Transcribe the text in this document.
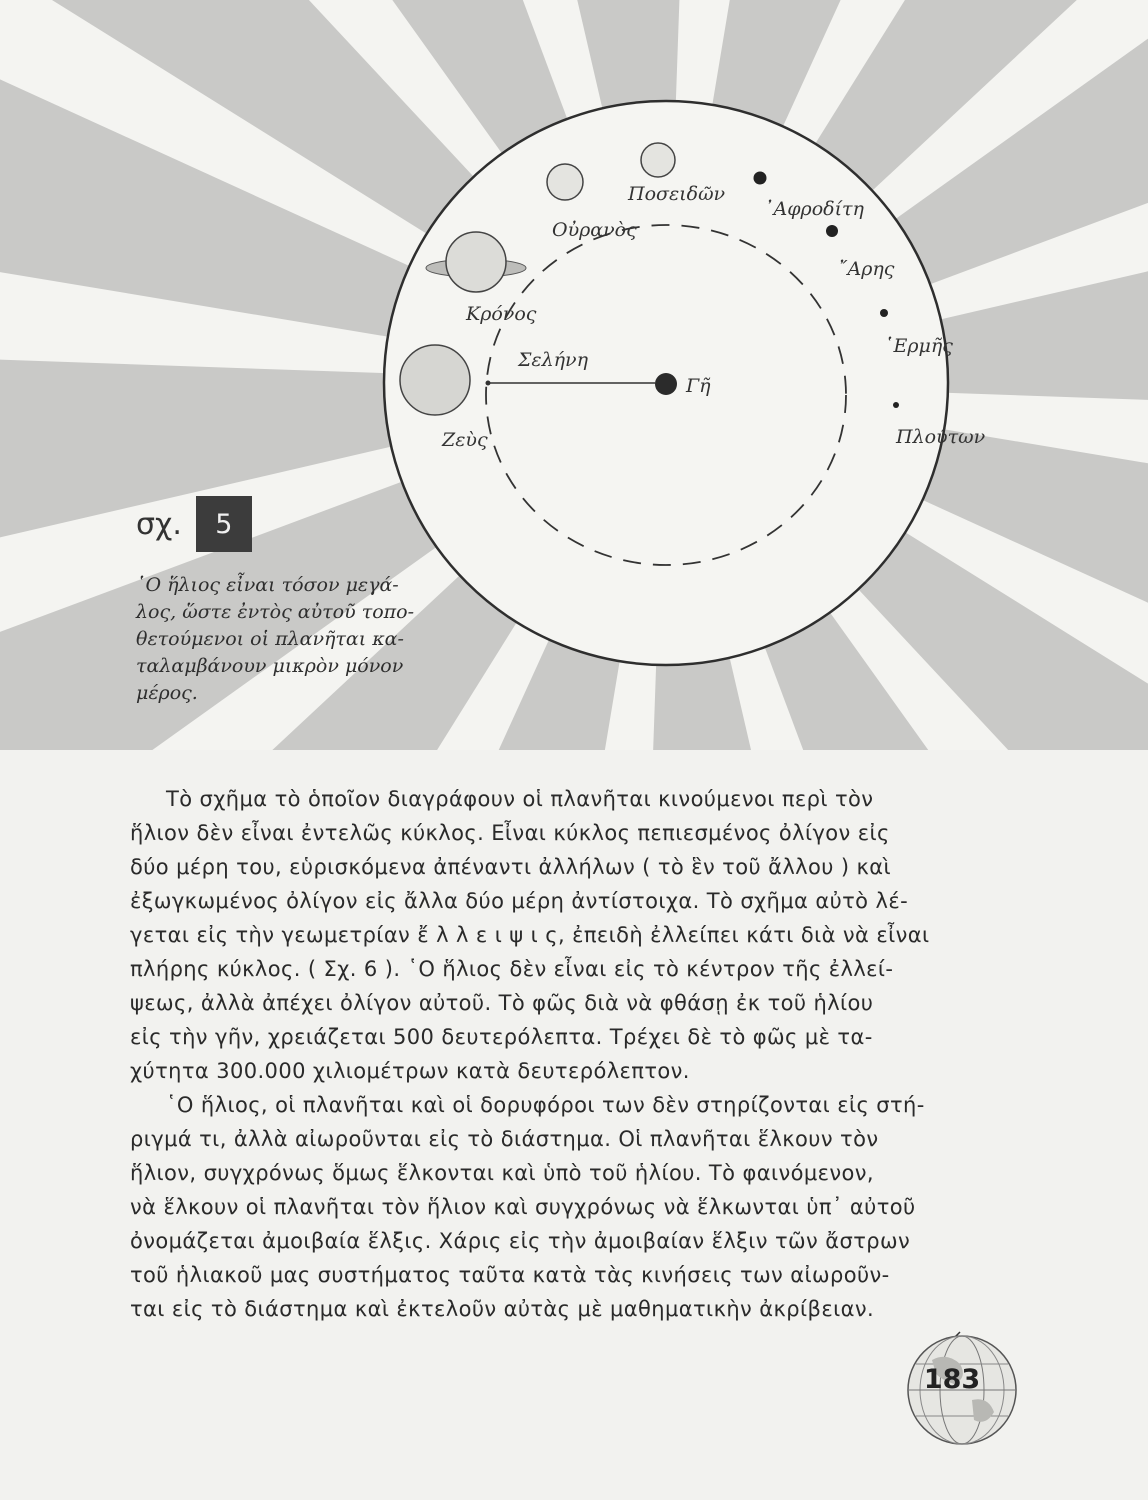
Ποσειδῶν
᾿Αφροδίτη
Οὐρανὸς
῎Αρης
Κρόνος
῾Ερμῆς
Σελήνη
Γῆ
Ζεὺς	Πλούτων
σχ.	5
῾Ο ἥλιος εἶναι τόσον μεγά-
λος, ὥστε ἐντὸς αὐτοῦ τοπο-
θετούμενοι οἱ πλανῆται κα-
ταλαμβάνουν μικρὸν μόνον
μέρος.
Τὸ σχῆμα τὸ ὁποῖον διαγράφουν οἱ πλανῆται κινούμενοι περὶ τὸν
ἥλιον δὲν εἶναι ἐντελῶς κύκλος. Εἶναι κύκλος πεπιεσμένος ὀλίγον εἰς
δύο μέρη του, εὑρισκόμενα ἀπέναντι ἀλλήλων ( τὸ ἓν τοῦ ἄλλου ) καὶ
ἐξωγκωμένος ὀλίγον εἰς ἄλλα δύο μέρη ἀντίστοιχα. Τὸ σχῆμα αὐτὸ λέ-
γεται εἰς τὴν γεωμετρίαν ἔ λ λ ε ι ψ ι ς, ἐπειδὴ ἐλλείπει κάτι διὰ νὰ εἶναι
πλήρης κύκλος. ( Σχ. 6 ). ῾Ο ἥλιος δὲν εἶναι εἰς τὸ κέντρον τῆς ἐλλεί-
ψεως, ἀλλὰ ἀπέχει ὀλίγον αὐτοῦ. Τὸ φῶς διὰ νὰ φθάσῃ ἐκ τοῦ ἡλίου
εἰς τὴν γῆν, χρειάζεται 500 δευτερόλεπτα. Τρέχει δὲ τὸ φῶς μὲ τα-
χύτητα 300.000 χιλιομέτρων κατὰ δευτερόλεπτον.
῾Ο ἥλιος, οἱ πλανῆται καὶ οἱ δορυφόροι των δὲν στηρίζονται εἰς στή-
ριγμά τι, ἀλλὰ αἰωροῦνται εἰς τὸ διάστημα. Οἱ πλανῆται ἕλκουν τὸν
ἥλιον, συγχρόνως ὅμως ἕλκονται καὶ ὑπὸ τοῦ ἡλίου. Τὸ φαινόμενον,
νὰ ἕλκουν οἱ πλανῆται τὸν ἥλιον καὶ συγχρόνως νὰ ἕλκωνται ὑπ᾿ αὐτοῦ
ὀνομάζεται ἀμοιβαία ἕλξις. Χάρις εἰς τὴν ἀμοιβαίαν ἕλξιν τῶν ἄστρων
τοῦ ἡλιακοῦ μας συστήματος ταῦτα κατὰ τὰς κινήσεις των αἰωροῦν-
ται εἰς τὸ διάστημα καὶ ἐκτελοῦν αὐτὰς μὲ μαθηματικὴν ἀκρίβειαν.
183
